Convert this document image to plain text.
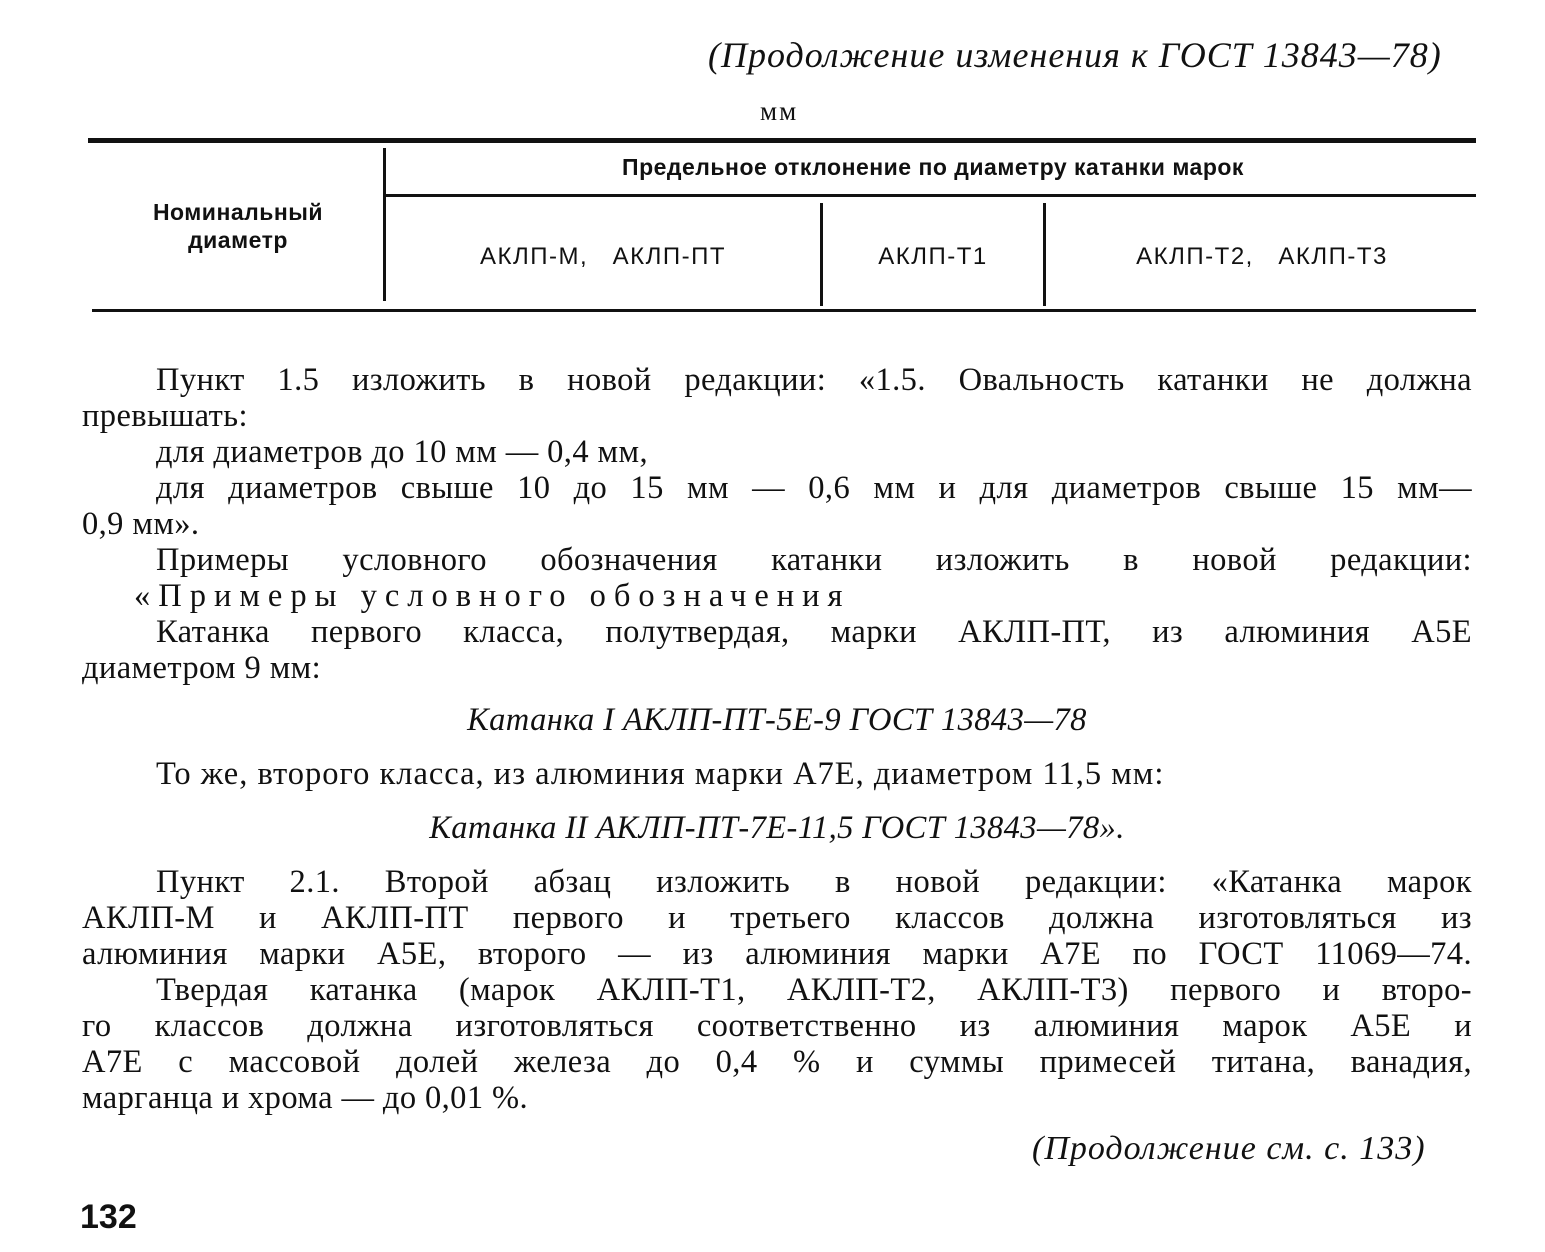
(Продолжение изменения к ГОСТ 13843—78)
мм
Номинальный диаметр
Предельное отклонение по диаметру катанки марок
АКЛП-М,   АКЛП-ПТ	АКЛП-Т1	АКЛП-Т2,   АКЛП-Т3
Пункт 1.5 изложить в новой редакции: «1.5. Овальность катанки не должна
превышать:
для диаметров до 10 мм — 0,4 мм,
для диаметров свыше 10 до 15 мм — 0,6 мм и для диаметров свыше 15 мм—
0,9 мм».
Примеры условного обозначения катанки изложить в новой редакции:
«Примеры условного обозначения
Катанка первого класса, полутвердая, марки АКЛП-ПТ, из алюминия А5Е
диаметром 9 мм:
Катанка I АКЛП-ПТ-5Е-9 ГОСТ 13843—78
То же, второго класса, из алюминия марки А7Е, диаметром 11,5 мм:
Катанка II АКЛП-ПТ-7Е-11,5 ГОСТ 13843—78».
Пункт 2.1. Второй абзац изложить в новой редакции: «Катанка марок
АКЛП-М и АКЛП-ПТ первого и третьего классов должна изготовляться из
алюминия марки А5Е, второго — из алюминия марки А7Е по ГОСТ 11069—74.
Твердая катанка (марок АКЛП-Т1, АКЛП-Т2, АКЛП-Т3) первого и второ-
го классов должна изготовляться соответственно из алюминия марок А5Е и
А7Е с массовой долей железа до 0,4 % и суммы примесей титана, ванадия,
марганца и хрома — до 0,01 %.
(Продолжение см. с. 133)
132
